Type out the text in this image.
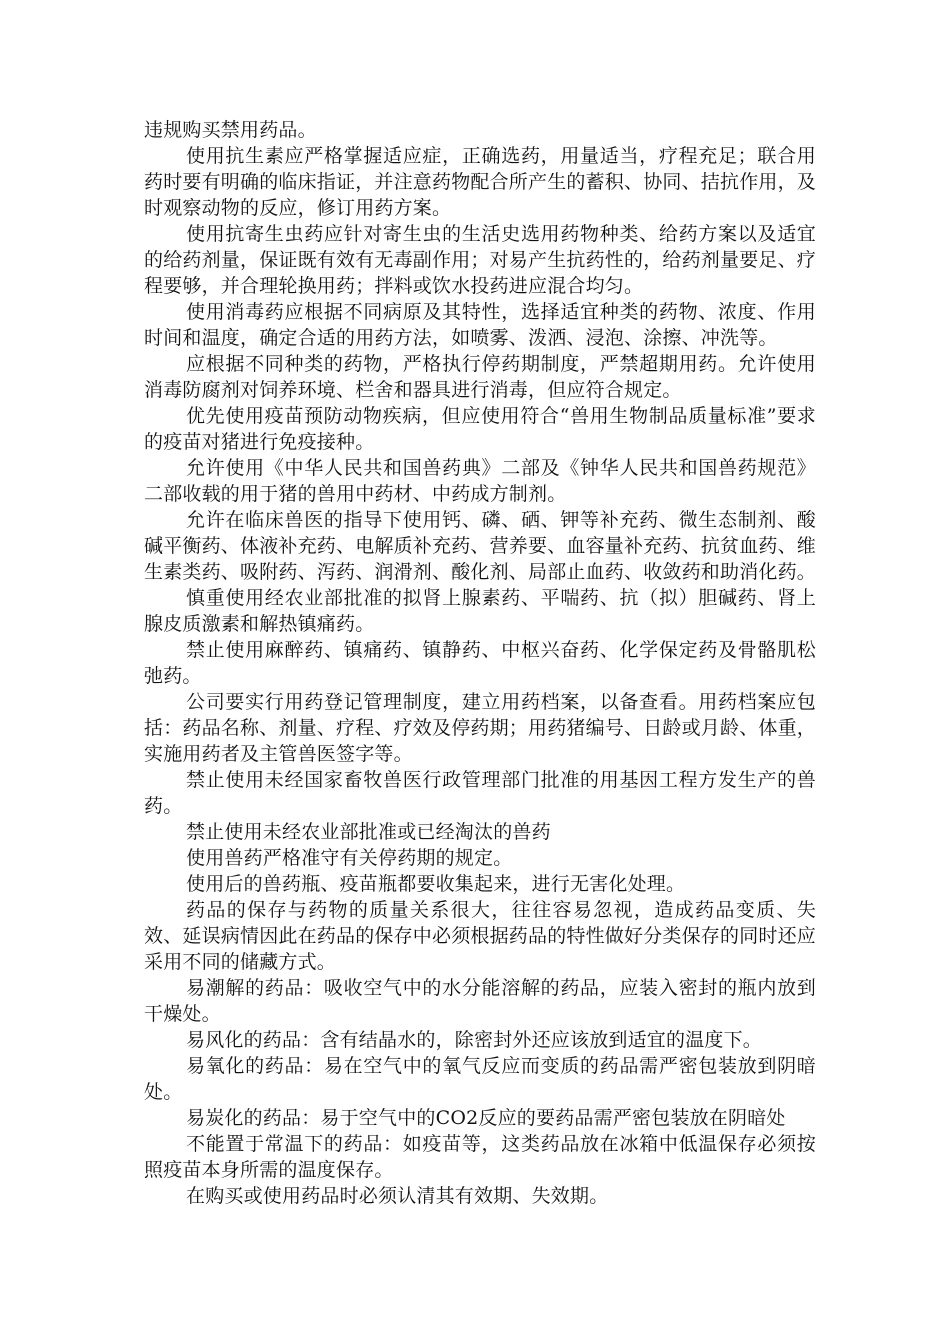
违规购买禁用药品。

使用抗生素应严格掌握适应症，正确选药，用量适当，疗程充足；联合用药时要有明确的临床指证，并注意药物配合所产生的蓄积、协同、拮抗作用，及时观察动物的反应，修订用药方案。

使用抗寄生虫药应针对寄生虫的生活史选用药物种类、给药方案以及适宜的给药剂量，保证既有效有无毒副作用；对易产生抗药性的，给药剂量要足、疗程要够，并合理轮换用药；拌料或饮水投药进应混合均匀。

使用消毒药应根据不同病原及其特性，选择适宜种类的药物、浓度、作用时间和温度，确定合适的用药方法，如喷雾、泼洒、浸泡、涂擦、冲洗等。

应根据不同种类的药物，严格执行停药期制度，严禁超期用药。允许使用消毒防腐剂对饲养环境、栏舍和器具进行消毒，但应符合规定。

优先使用疫苗预防动物疾病，但应使用符合“兽用生物制品质量标准”要求的疫苗对猪进行免疫接种。

允许使用《中华人民共和国兽药典》二部及《钟华人民共和国兽药规范》二部收载的用于猪的兽用中药材、中药成方制剂。

允许在临床兽医的指导下使用钙、磷、硒、钾等补充药、微生态制剂、酸碱平衡药、体液补充药、电解质补充药、营养要、血容量补充药、抗贫血药、维生素类药、吸附药、泻药、润滑剂、酸化剂、局部止血药、收敛药和助消化药。

慎重使用经农业部批准的拟肾上腺素药、平喘药、抗（拟）胆碱药、肾上腺皮质激素和解热镇痛药。

禁止使用麻醉药、镇痛药、镇静药、中枢兴奋药、化学保定药及骨骼肌松弛药。

公司要实行用药登记管理制度，建立用药档案，以备查看。用药档案应包括：药品名称、剂量、疗程、疗效及停药期；用药猪编号、日龄或月龄、体重，实施用药者及主管兽医签字等。

禁止使用未经国家畜牧兽医行政管理部门批准的用基因工程方发生产的兽药。

禁止使用未经农业部批准或已经淘汰的兽药

使用兽药严格准守有关停药期的规定。

使用后的兽药瓶、疫苗瓶都要收集起来，进行无害化处理。

药品的保存与药物的质量关系很大，往往容易忽视，造成药品变质、失效、延误病情因此在药品的保存中必须根据药品的特性做好分类保存的同时还应采用不同的储藏方式。

易潮解的药品：吸收空气中的水分能溶解的药品，应装入密封的瓶内放到干燥处。

易风化的药品：含有结晶水的，除密封外还应该放到适宜的温度下。

易氧化的药品：易在空气中的氧气反应而变质的药品需严密包装放到阴暗处。

易炭化的药品：易于空气中的CO2反应的要药品需严密包装放在阴暗处

不能置于常温下的药品：如疫苗等，这类药品放在冰箱中低温保存必须按照疫苗本身所需的温度保存。

在购买或使用药品时必须认清其有效期、失效期。
